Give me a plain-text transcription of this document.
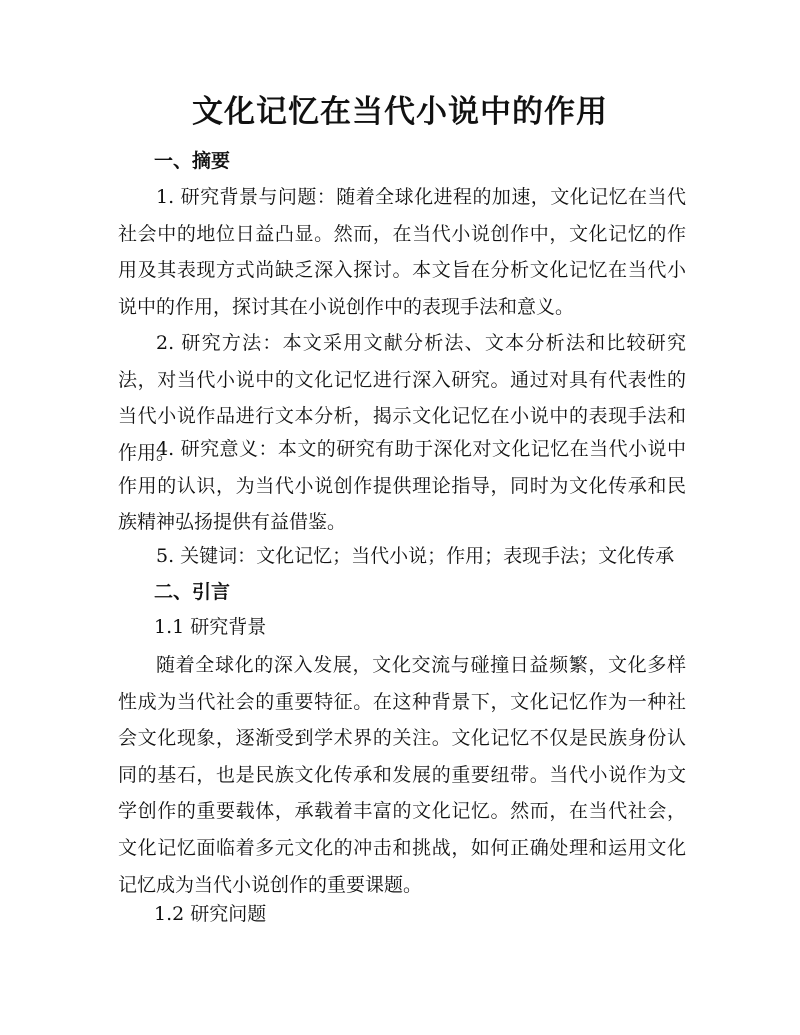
文化记忆在当代小说中的作用
一、摘要

1. 研究背景与问题：随着全球化进程的加速，文化记忆在当代社会中的地位日益凸显。然而，在当代小说创作中，文化记忆的作用及其表现方式尚缺乏深入探讨。本文旨在分析文化记忆在当代小说中的作用，探讨其在小说创作中的表现手法和意义。

2. 研究方法：本文采用文献分析法、文本分析法和比较研究法，对当代小说中的文化记忆进行深入研究。通过对具有代表性的当代小说作品进行文本分析，揭示文化记忆在小说中的表现手法和作用。

4. 研究意义：本文的研究有助于深化对文化记忆在当代小说中作用的认识，为当代小说创作提供理论指导，同时为文化传承和民族精神弘扬提供有益借鉴。

5. 关键词：文化记忆；当代小说；作用；表现手法；文化传承

二、引言
1.1 研究背景

随着全球化的深入发展，文化交流与碰撞日益频繁，文化多样性成为当代社会的重要特征。在这种背景下，文化记忆作为一种社会文化现象，逐渐受到学术界的关注。文化记忆不仅是民族身份认同的基石，也是民族文化传承和发展的重要纽带。当代小说作为文学创作的重要载体，承载着丰富的文化记忆。然而，在当代社会，文化记忆面临着多元文化的冲击和挑战，如何正确处理和运用文化记忆成为当代小说创作的重要课题。

1.2 研究问题
